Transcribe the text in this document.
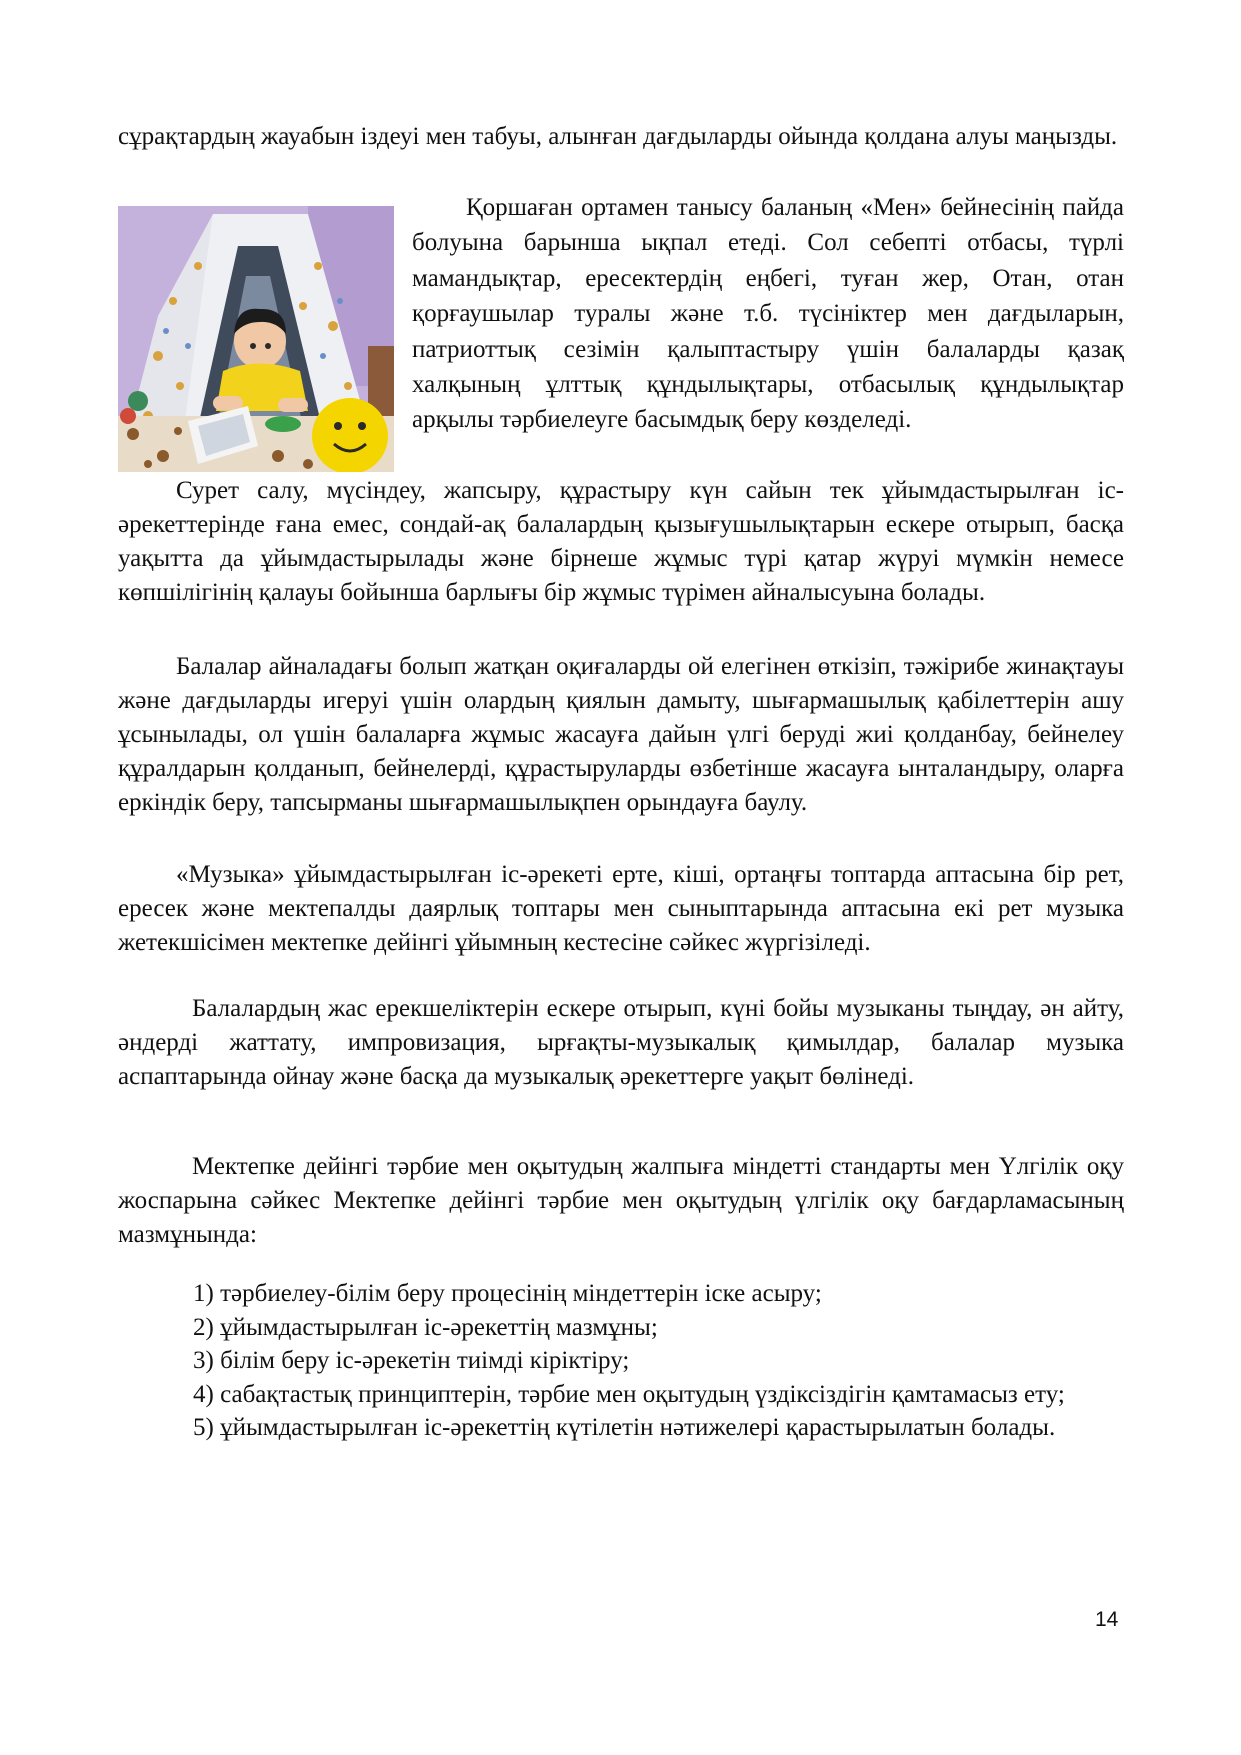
сұрақтардың жауабын іздеуі мен табуы, алынған дағдыларды ойында қолдана алуы маңызды.

Қоршаған ортамен танысу баланың «Мен» бейнесінің пайда болуына барынша ықпал етеді. Сол себепті отбасы, түрлі мамандықтар, ересектердің еңбегі, туған жер, Отан, отан қорғаушылар туралы және т.б. түсініктер мен дағдыларын, патриоттық сезімін қалыптастыру үшін балаларды қазақ халқының ұлттық құндылықтары, отбасылық құндылықтар арқылы тәрбиелеуге басымдық беру көзделеді.

Сурет салу, мүсіндеу, жапсыру, құрастыру күн сайын тек ұйымдастырылған іс-әрекеттерінде ғана емес, сондай-ақ балалардың қызығушылықтарын ескере отырып, басқа уақытта да ұйымдастырылады және бірнеше жұмыс түрі қатар жүруі мүмкін немесе көпшілігінің қалауы бойынша барлығы бір жұмыс түрімен айналысуына болады.

Балалар айналадағы болып жатқан оқиғаларды ой елегінен өткізіп, тәжірибе жинақтауы және дағдыларды игеруі үшін олардың қиялын дамыту, шығармашылық қабілеттерін ашу ұсынылады, ол үшін балаларға жұмыс жасауға дайын үлгі беруді жиі қолданбау, бейнелеу құралдарын қолданып, бейнелерді, құрастыруларды өзбетінше жасауға ынталандыру, оларға еркіндік беру, тапсырманы шығармашылықпен орындауға баулу.

«Музыка» ұйымдастырылған іс-әрекеті ерте, кіші, ортаңғы топтарда аптасына бір рет, ересек және мектепалды даярлық топтары мен сыныптарында аптасына екі рет музыка жетекшісімен мектепке дейінгі ұйымның кестесіне сәйкес жүргізіледі.

Балалардың жас ерекшеліктерін ескере отырып, күні бойы музыканы тыңдау, ән айту, әндерді жаттату, импровизация, ырғақты-музыкалық қимылдар, балалар музыка аспаптарында ойнау және басқа да музыкалық әрекеттерге уақыт бөлінеді.

Мектепке дейінгі тәрбие мен оқытудың жалпыға міндетті стандарты мен Үлгілік оқу жоспарына сәйкес Мектепке дейінгі тәрбие мен оқытудың үлгілік оқу бағдарламасының мазмұнында:

1) тәрбиелеу-білім беру процесінің міндеттерін іске асыру;
2) ұйымдастырылған іс-әрекеттің мазмұны;
3) білім беру іс-әрекетін тиімді кіріктіру;
4) сабақтастық принциптерін, тәрбие мен оқытудың үздіксіздігін қамтамасыз ету;
5) ұйымдастырылған іс-әрекеттің күтілетін нәтижелері қарастырылатын болады.
14
